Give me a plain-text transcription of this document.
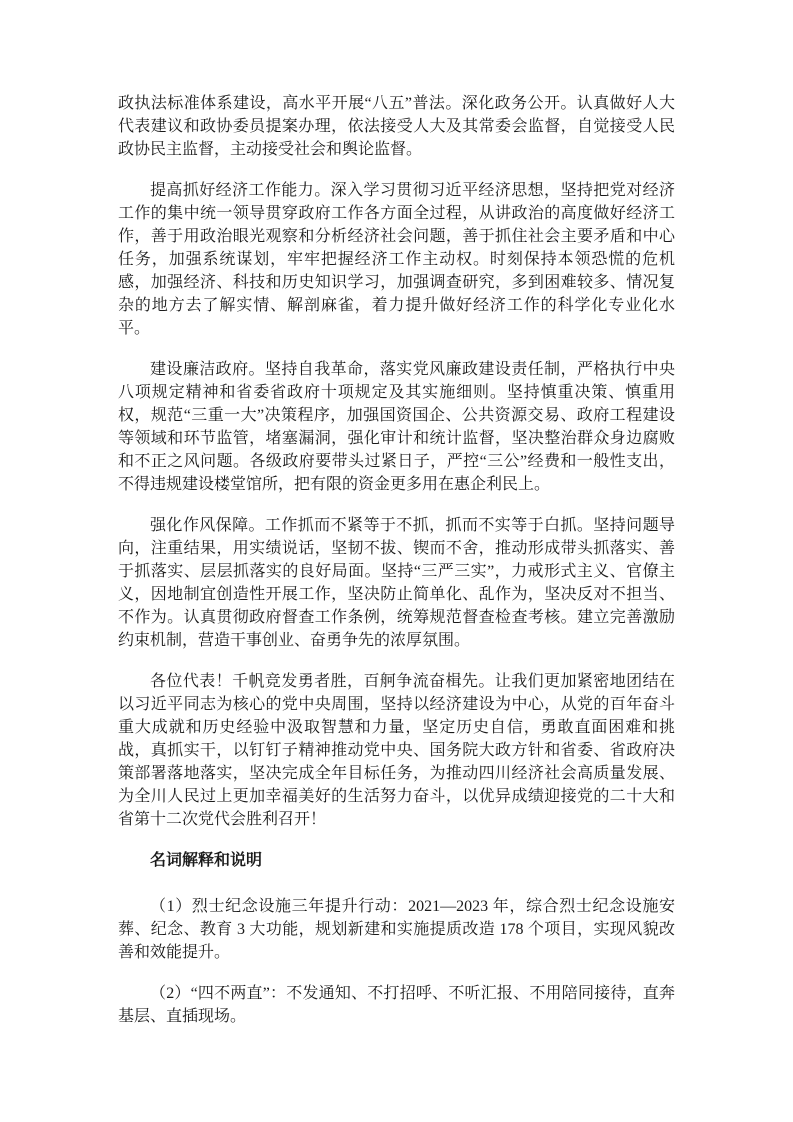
政执法标准体系建设，高水平开展“八五”普法。深化政务公开。认真做好人大代表建议和政协委员提案办理，依法接受人大及其常委会监督，自觉接受人民政协民主监督，主动接受社会和舆论监督。

提高抓好经济工作能力。深入学习贯彻习近平经济思想，坚持把党对经济工作的集中统一领导贯穿政府工作各方面全过程，从讲政治的高度做好经济工作，善于用政治眼光观察和分析经济社会问题，善于抓住社会主要矛盾和中心任务，加强系统谋划，牢牢把握经济工作主动权。时刻保持本领恐慌的危机感，加强经济、科技和历史知识学习，加强调查研究，多到困难较多、情况复杂的地方去了解实情、解剖麻雀，着力提升做好经济工作的科学化专业化水平。

建设廉洁政府。坚持自我革命，落实党风廉政建设责任制，严格执行中央八项规定精神和省委省政府十项规定及其实施细则。坚持慎重决策、慎重用权，规范“三重一大”决策程序，加强国资国企、公共资源交易、政府工程建设等领域和环节监管，堵塞漏洞，强化审计和统计监督，坚决整治群众身边腐败和不正之风问题。各级政府要带头过紧日子，严控“三公”经费和一般性支出，不得违规建设楼堂馆所，把有限的资金更多用在惠企利民上。

强化作风保障。工作抓而不紧等于不抓，抓而不实等于白抓。坚持问题导向，注重结果，用实绩说话，坚韧不拔、锲而不舍，推动形成带头抓落实、善于抓落实、层层抓落实的良好局面。坚持“三严三实”，力戒形式主义、官僚主义，因地制宜创造性开展工作，坚决防止简单化、乱作为，坚决反对不担当、不作为。认真贯彻政府督查工作条例，统筹规范督查检查考核。建立完善激励约束机制，营造干事创业、奋勇争先的浓厚氛围。

各位代表！千帆竞发勇者胜，百舸争流奋楫先。让我们更加紧密地团结在以习近平同志为核心的党中央周围，坚持以经济建设为中心，从党的百年奋斗重大成就和历史经验中汲取智慧和力量，坚定历史自信，勇敢直面困难和挑战，真抓实干，以钉钉子精神推动党中央、国务院大政方针和省委、省政府决策部署落地落实，坚决完成全年目标任务，为推动四川经济社会高质量发展、为全川人民过上更加幸福美好的生活努力奋斗，以优异成绩迎接党的二十大和省第十二次党代会胜利召开！

名词解释和说明

（1）烈士纪念设施三年提升行动：2021—2023 年，综合烈士纪念设施安葬、纪念、教育 3 大功能，规划新建和实施提质改造 178 个项目，实现风貌改善和效能提升。

（2）“四不两直”：不发通知、不打招呼、不听汇报、不用陪同接待，直奔基层、直插现场。
